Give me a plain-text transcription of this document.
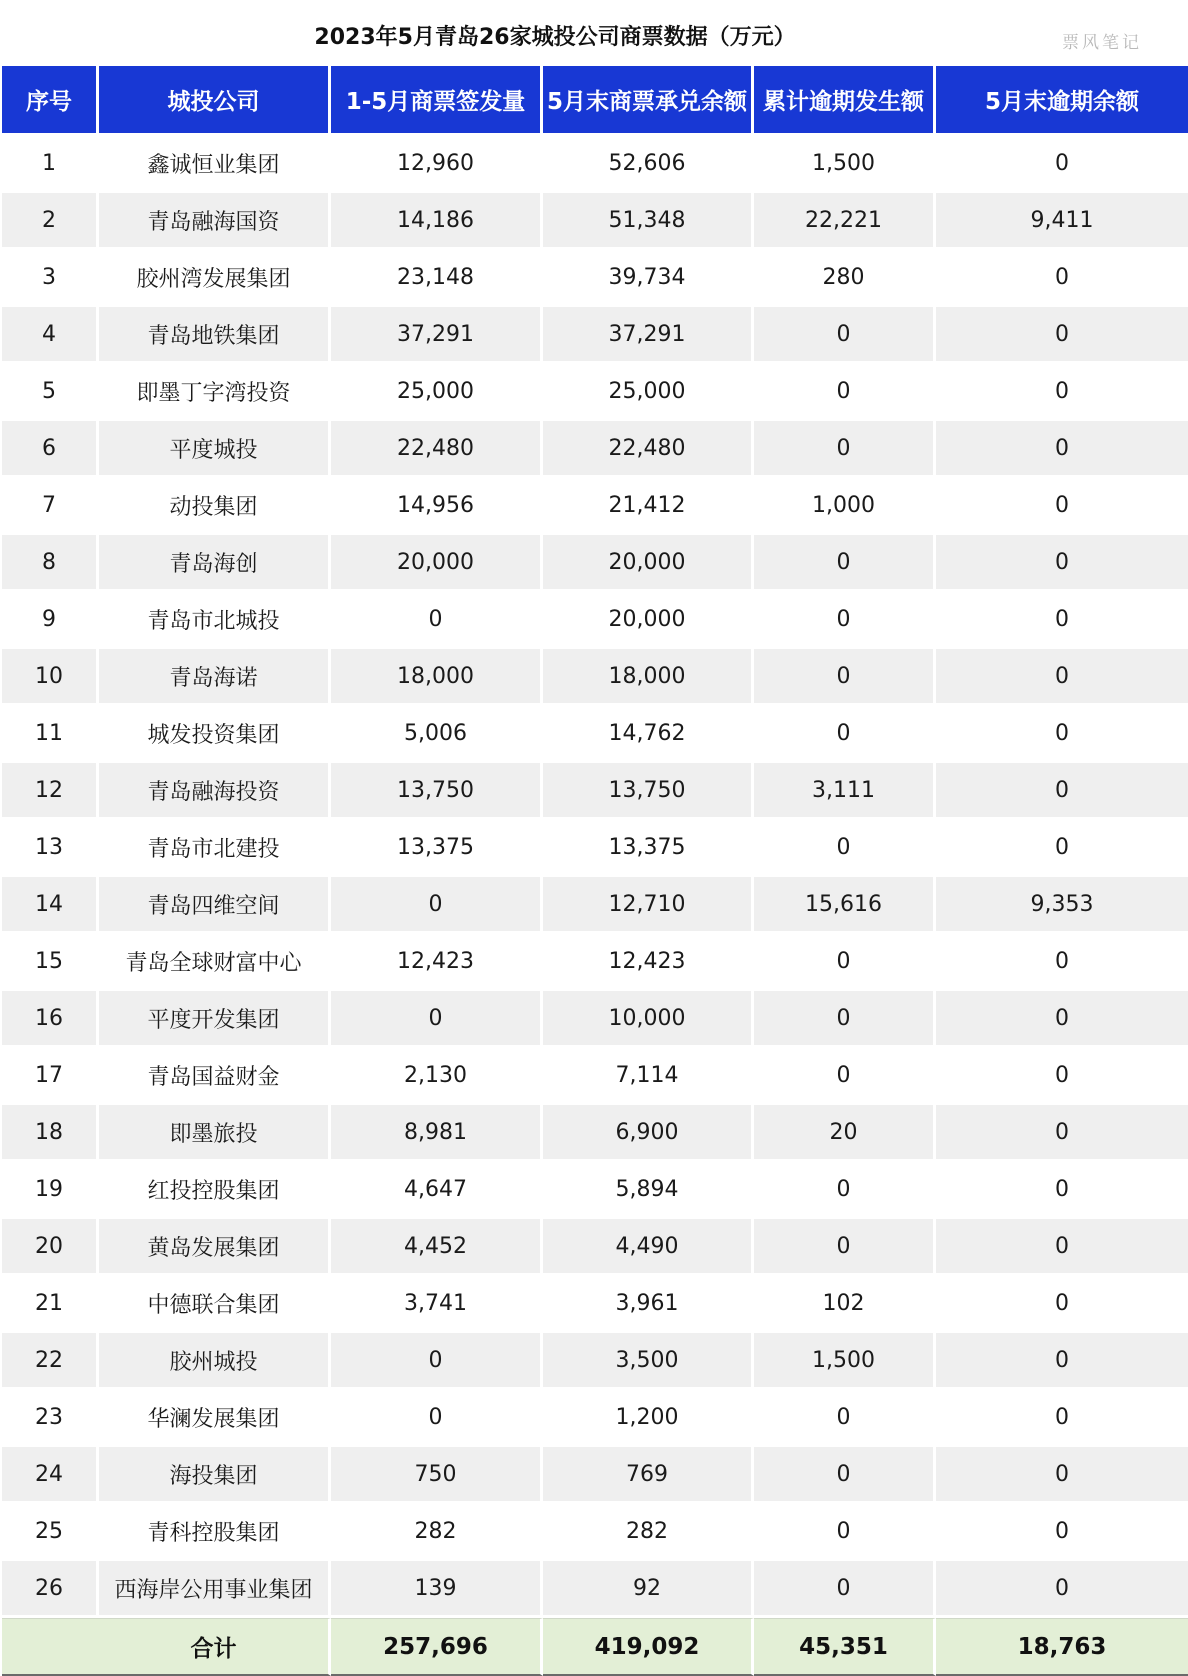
2023年5月青岛26家城投公司商票数据（万元）	票风笔记
序号	城投公司	1-5月商票签发量	5月末商票承兑余额	累计逾期发生额	5月末逾期余额
1	鑫诚恒业集团	12,960	52,606	1,500	0
2	青岛融海国资	14,186	51,348	22,221	9,411
3	胶州湾发展集团	23,148	39,734	280	0
4	青岛地铁集团	37,291	37,291	0	0
5	即墨丁字湾投资	25,000	25,000	0	0
6	平度城投	22,480	22,480	0	0
7	动投集团	14,956	21,412	1,000	0
8	青岛海创	20,000	20,000	0	0
9	青岛市北城投	0	20,000	0	0
10	青岛海诺	18,000	18,000	0	0
11	城发投资集团	5,006	14,762	0	0
12	青岛融海投资	13,750	13,750	3,111	0
13	青岛市北建投	13,375	13,375	0	0
14	青岛四维空间	0	12,710	15,616	9,353
15	青岛全球财富中心	12,423	12,423	0	0
16	平度开发集团	0	10,000	0	0
17	青岛国益财金	2,130	7,114	0	0
18	即墨旅投	8,981	6,900	20	0
19	红投控股集团	4,647	5,894	0	0
20	黄岛发展集团	4,452	4,490	0	0
21	中德联合集团	3,741	3,961	102	0
22	胶州城投	0	3,500	1,500	0
23	华澜发展集团	0	1,200	0	0
24	海投集团	750	769	0	0
25	青科控股集团	282	282	0	0
26	西海岸公用事业集团	139	92	0	0
	合计	257,696	419,092	45,351	18,763
